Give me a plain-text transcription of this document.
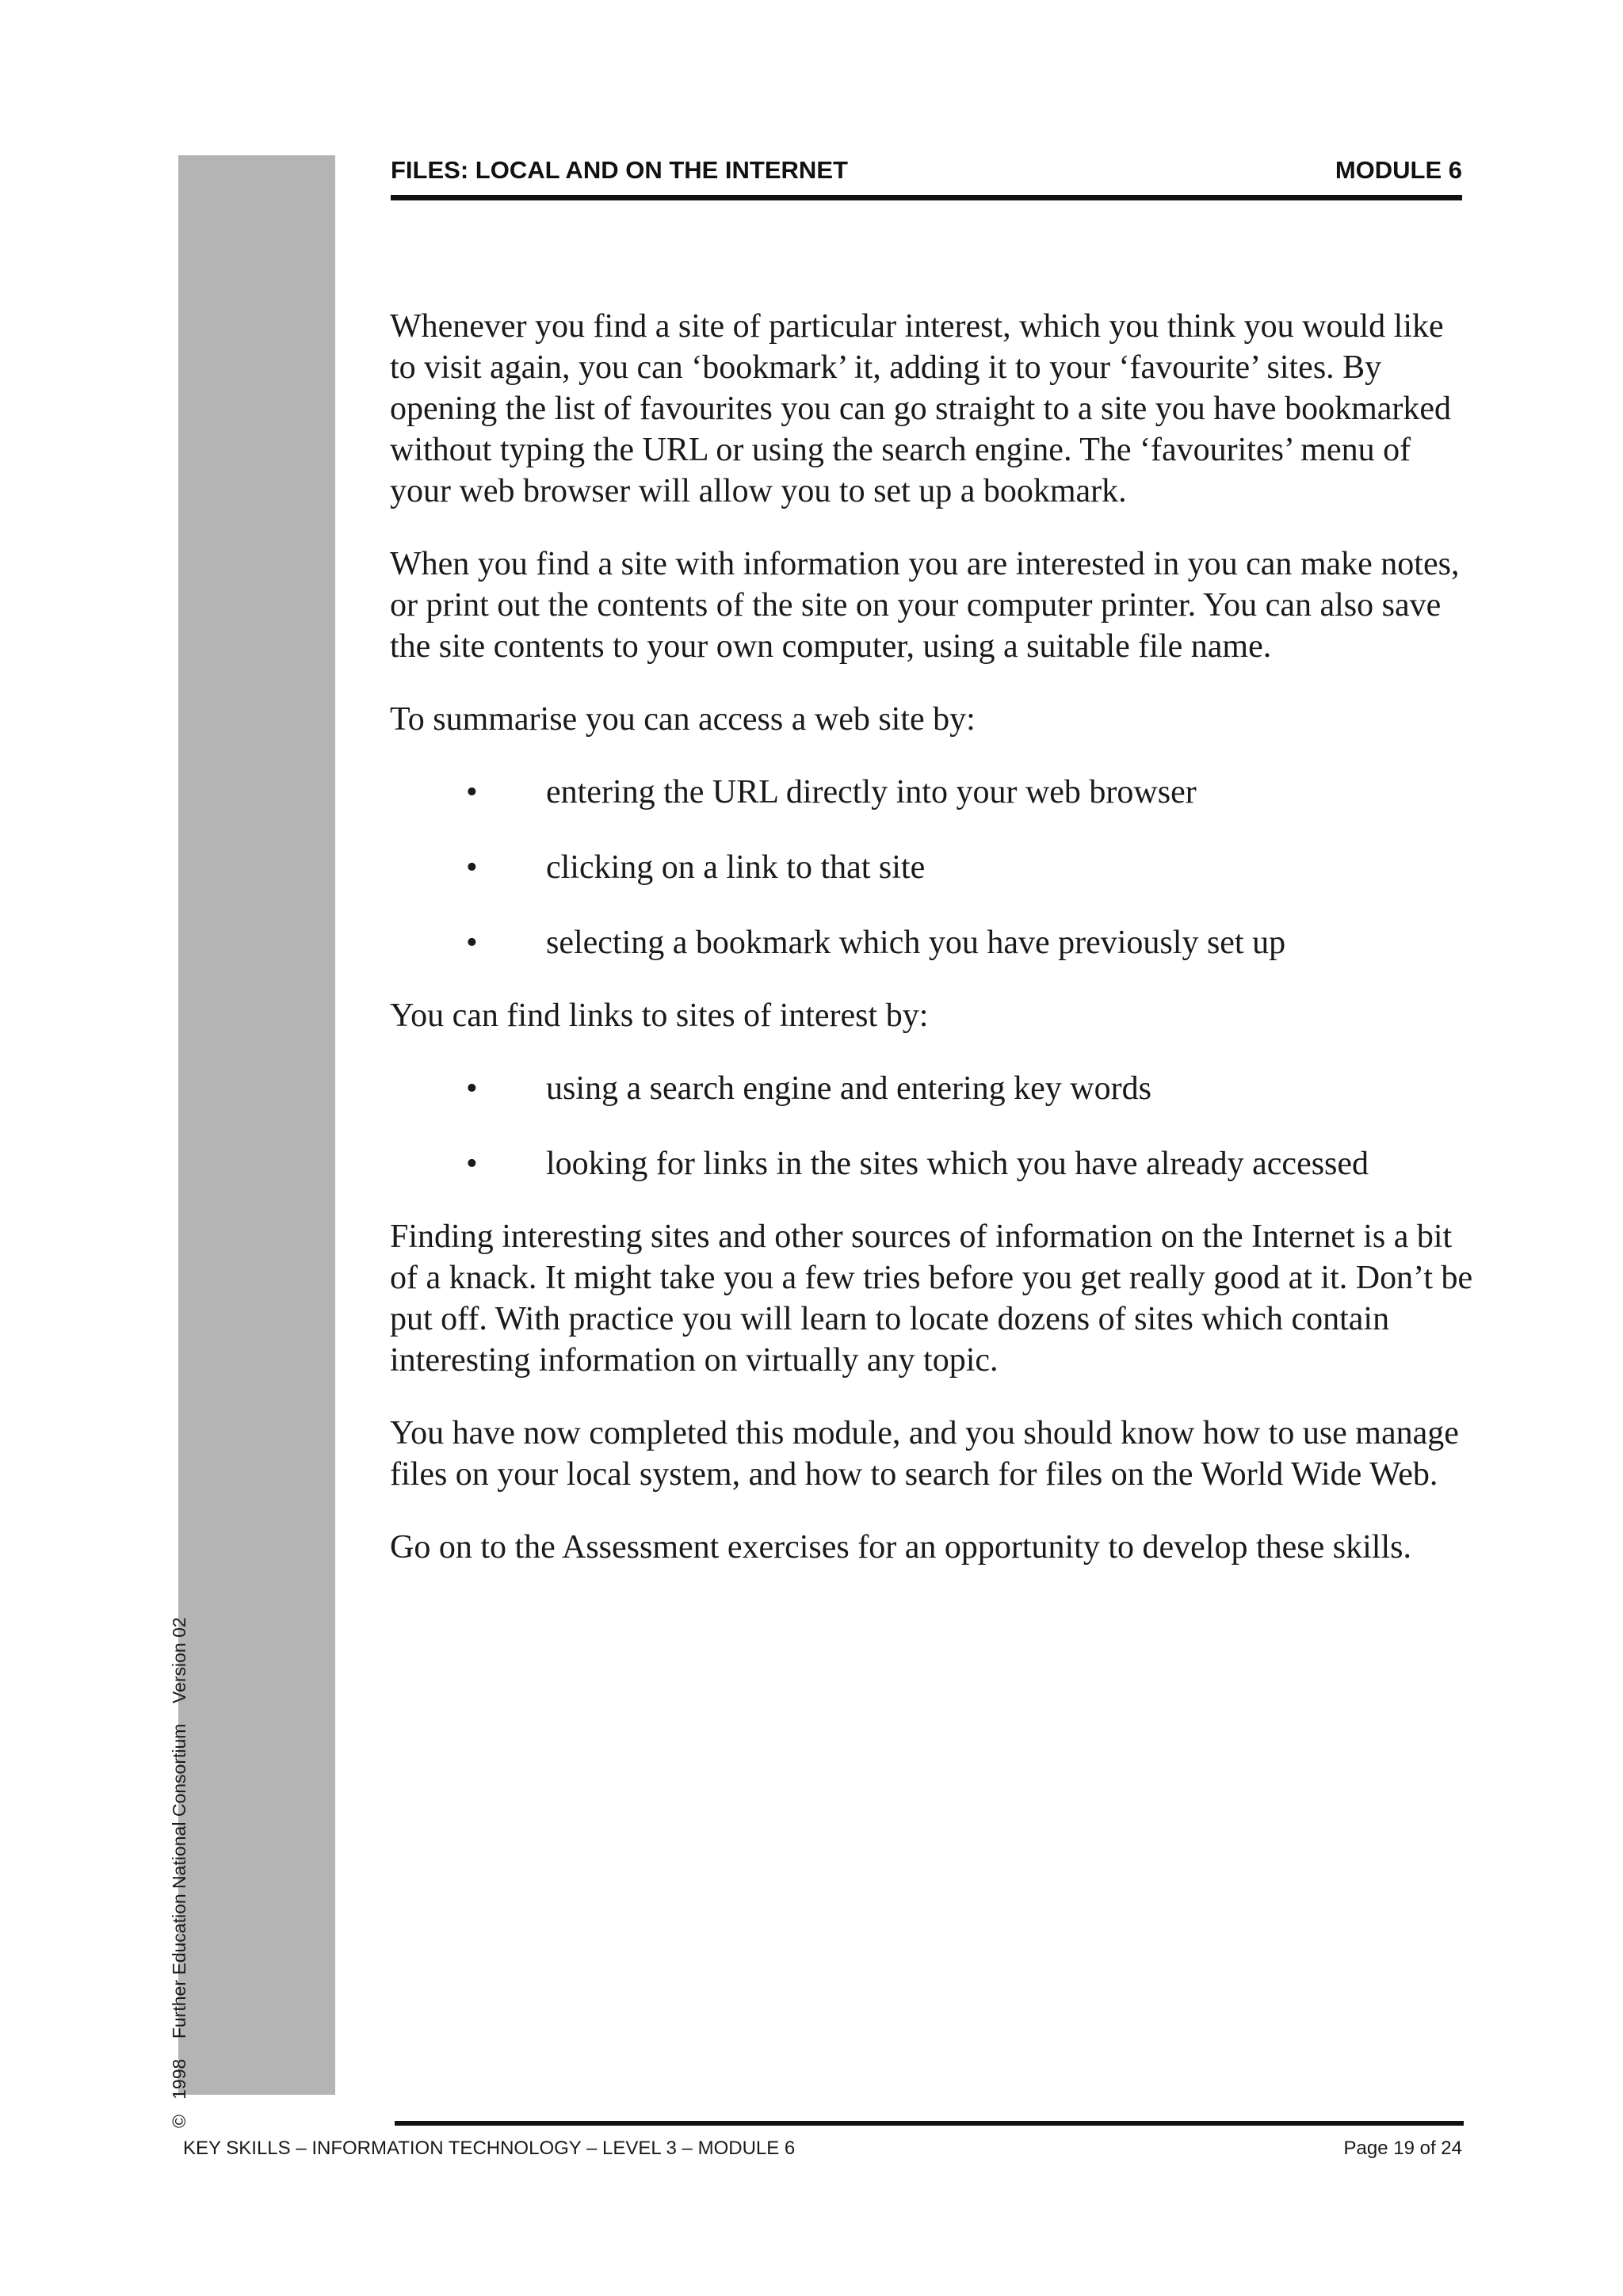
FILES: LOCAL AND ON THE INTERNET	MODULE 6

Whenever you find a site of particular interest, which you think you would like to visit again, you can ‘bookmark’ it, adding it to your ‘favourite’ sites. By opening the list of favourites you can go straight to a site you have bookmarked without typing the URL or using the search engine. The ‘favourites’ menu of your web browser will allow you to set up a bookmark.

When you find a site with information you are interested in you can make notes, or print out the contents of the site on your computer printer. You can also save the site contents to your own computer, using a suitable file name.

To summarise you can access a web site by:

• entering the URL directly into your web browser
• clicking on a link to that site
• selecting a bookmark which you have previously set up

You can find links to sites of interest by:

• using a search engine and entering key words
• looking for links in the sites which you have already accessed

Finding interesting sites and other sources of information on the Internet is a bit of a knack. It might take you a few tries before you get really good at it. Don’t be put off. With practice you will learn to locate dozens of sites which contain interesting information on virtually any topic.

You have now completed this module, and you should know how to use manage files on your local system, and how to search for files on the World Wide Web.

Go on to the Assessment exercises for an opportunity to develop these skills.

©   1998    Further Education National Consortium    Version 02
KEY SKILLS – INFORMATION TECHNOLOGY – LEVEL 3 – MODULE 6	Page 19 of 24
